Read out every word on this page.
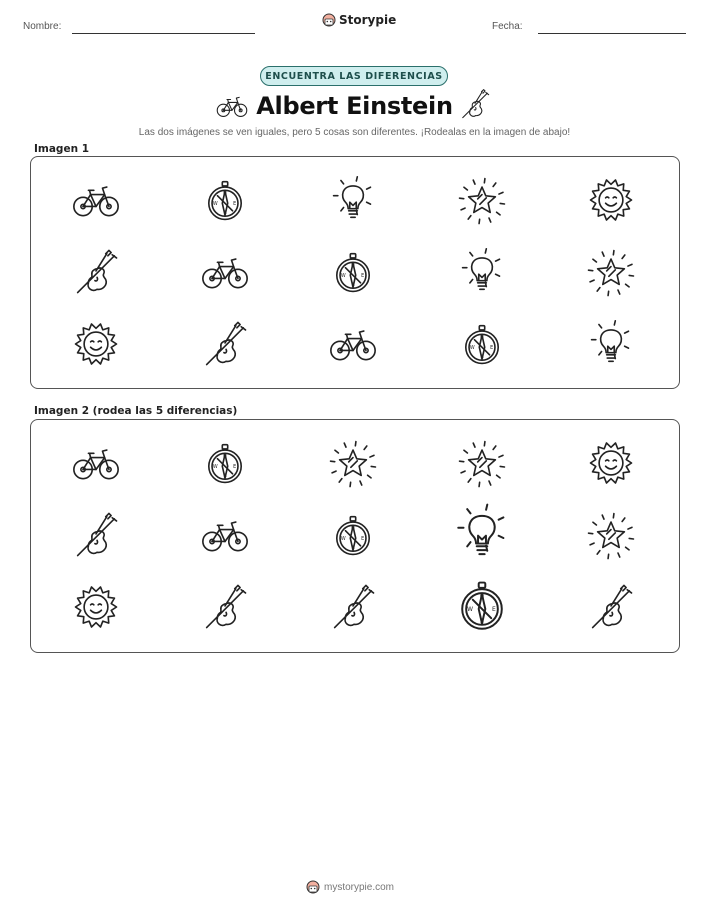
Nombre:	Storypie	Fecha:
ENCUENTRA LAS DIFERENCIAS
Albert Einstein
Las dos imágenes se ven iguales, pero 5 cosas son diferentes. ¡Rodealas en la imagen de abajo!
Imagen 1
N
S
W	E
N
S
W	E
N
S
W	E
Imagen 2 (rodea las 5 diferencias)
N
S
W	E
N
S
W	E
N
S
W	E
mystorypie.com
